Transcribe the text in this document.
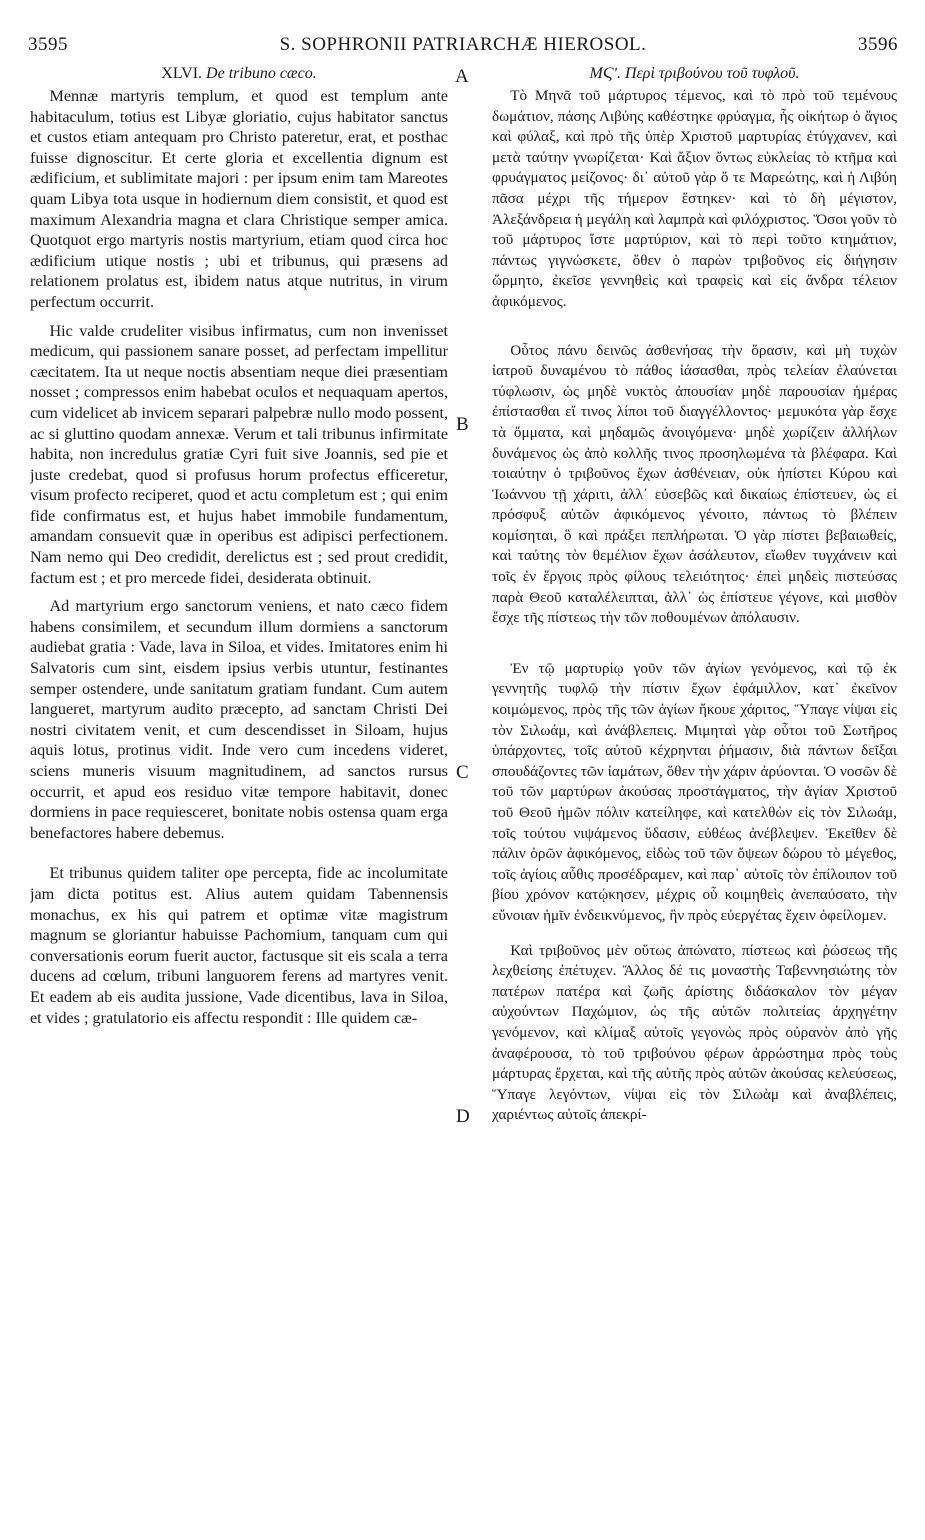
3595	S. SOPHRONII PATRIARCHÆ HIEROSOL.	3596
A
B
C
D
XLVI. De tribuno cæco.

Mennæ martyris templum, et quod est templum ante habitaculum, totius est Libyæ gloriatio, cujus habitator sanctus et custos etiam antequam pro Christo pateretur, erat, et posthac fuisse dignoscitur. Et certe gloria et excellentia dignum est ædificium, et sublimitate majori : per ipsum enim tam Mareotes quam Libya tota usque in hodiernum diem consistit, et quod est maximum Alexandria magna et clara Christique semper amica. Quotquot ergo martyris nostis martyrium, etiam quod circa hoc ædificium utique nostis ; ubi et tribunus, qui præsens ad relationem prolatus est, ibidem natus atque nutritus, in virum perfectum occurrit.

Hic valde crudeliter visibus infirmatus, cum non invenisset medicum, qui passionem sanare posset, ad perfectam impellitur cæcitatem. Ita ut neque noctis absentiam neque diei præsentiam nosset ; compressos enim habebat oculos et nequaquam apertos, cum videlicet ab invicem separari palpebræ nullo modo possent, ac si gluttino quodam annexæ. Verum et tali tribunus infirmitate habita, non incredulus gratiæ Cyri fuit sive Joannis, sed pie et juste credebat, quod si profusus horum profectus efficeretur, visum profecto reciperet, quod et actu completum est ; qui enim fide confirmatus est, et hujus habet immobile fundamentum, amandam consuevit quæ in operibus est adipisci perfectionem. Nam nemo qui Deo credidit, derelictus est ; sed prout credidit, factum est ; et pro mercede fidei, desiderata obtinuit.

Ad martyrium ergo sanctorum veniens, et nato cæco fidem habens consimilem, et secundum illum dormiens a sanctorum audiebat gratia : Vade, lava in Siloa, et vides. Imitatores enim hi Salvatoris cum sint, eisdem ipsius verbis utuntur, festinantes semper ostendere, unde sanitatum gratiam fundant. Cum autem langueret, martyrum audito præcepto, ad sanctam Christi Dei nostri civitatem venit, et cum descendisset in Siloam, hujus aquis lotus, protinus vidit. Inde vero cum incedens videret, sciens muneris visuum magnitudinem, ad sanctos rursus occurrit, et apud eos residuo vitæ tempore habitavit, donec dormiens in pace requiesceret, bonitate nobis ostensa quam erga benefactores habere debemus.

Et tribunus quidem taliter ope percepta, fide ac incolumitate jam dicta potitus est. Alius autem quidam Tabennensis monachus, ex his qui patrem et optimæ vitæ magistrum magnum se gloriantur habuisse Pachomium, tanquam cum qui conversationis eorum fuerit auctor, factusque sit eis scala a terra ducens ad cœlum, tribuni languorem ferens ad martyres venit. Et eadem ab eis audita jussione, Vade dicentibus, lava in Siloa, et vides ; gratulatorio eis affectu respondit : Ille quidem cæ-

ΜϚʹ. Περὶ τριβούνου τοῦ τυφλοῦ.

Τὸ Μηνᾶ τοῦ μάρτυρος τέμενος, καὶ τὸ πρὸ τοῦ τεμένους δωμάτιον, πάσης Λιβύης καθέστηκε φρύαγμα, ἧς οἰκήτωρ ὁ ἅγιος καὶ φύλαξ, καὶ πρὸ τῆς ὑπὲρ Χριστοῦ μαρτυρίας ἐτύγχανεν, καὶ μετὰ ταύτην γνωρίζεται· Καὶ ἄξιον ὄντως εὐκλείας τὸ κτῆμα καὶ φρυάγματος μείζονος· δι᾽ αὐτοῦ γὰρ ὅ τε Μαρεώτης, καὶ ἡ Λιβύη πᾶσα μέχρι τῆς τήμερον ἕστηκεν· καὶ τὸ δὴ μέγιστον, Ἀλεξάνδρεια ἡ μεγάλη καὶ λαμπρὰ καὶ φιλόχριστος. Ὅσοι γοῦν τὸ τοῦ μάρτυρος ἴστε μαρτύριον, καὶ τὸ περὶ τοῦτο κτημάτιον, πάντως γιγνώσκετε, ὅθεν ὁ παρὼν τριβοῦνος εἰς διήγησιν ὥρμητο, ἐκεῖσε γεννηθεὶς καὶ τραφεὶς καὶ εἰς ἄνδρα τέλειον ἀφικόμενος.

Οὗτος πάνυ δεινῶς ἀσθενήσας τὴν ὅρασιν, καὶ μὴ τυχὼν ἰατροῦ δυναμένου τὸ πάθος ἰάσασθαι, πρὸς τελείαν ἐλαύνεται τύφλωσιν, ὡς μηδὲ νυκτὸς ἀπουσίαν μηδὲ παρουσίαν ἡμέρας ἐπίστασθαι εἴ τινος λίποι τοῦ διαγγέλλοντος· μεμυκότα γὰρ ἔσχε τὰ ὄμματα, καὶ μηδαμῶς ἀνοιγόμενα· μηδὲ χωρίζειν ἀλλήλων δυνάμενος ὡς ἀπὸ κολλῆς τινος προσηλωμένα τὰ βλέφαρα. Καὶ τοιαύτην ὁ τριβοῦνος ἔχων ἀσθένειαν, οὐκ ἠπίστει Κύρου καὶ Ἰωάννου τῇ χάριτι, ἀλλ᾽ εὐσεβῶς καὶ δικαίως ἐπίστευεν, ὡς εἰ πρόσφυξ αὐτῶν ἀφικόμενος γένοιτο, πάντως τὸ βλέπειν κομίσηται, ὃ καὶ πράξει πεπλήρωται. Ὁ γὰρ πίστει βεβαιωθείς, καὶ ταύτης τὸν θεμέλιον ἔχων ἀσάλευτον, εἴωθεν τυγχάνειν καὶ τοῖς ἐν ἔργοις πρὸς φίλους τελειότητος· ἐπεὶ μηδεὶς πιστεύσας παρὰ Θεοῦ καταλέλειπται, ἀλλ᾽ ὡς ἐπίστευε γέγονε, καὶ μισθὸν ἔσχε τῆς πίστεως τὴν τῶν ποθουμένων ἀπόλαυσιν.

Ἐν τῷ μαρτυρίῳ γοῦν τῶν ἁγίων γενόμενος, καὶ τῷ ἐκ γεννητῆς τυφλῷ τὴν πίστιν ἔχων ἐφάμιλλον, κατ᾽ ἐκεῖνον κοιμώμενος, πρὸς τῆς τῶν ἁγίων ἤκουε χάριτος, Ὕπαγε νίψαι εἰς τὸν Σιλωάμ, καὶ ἀνάβλεπεις. Μιμηταὶ γὰρ οὗτοι τοῦ Σωτῆρος ὑπάρχοντες, τοῖς αὐτοῦ κέχρηνται ῥήμασιν, διὰ πάντων δεῖξαι σπουδάζοντες τῶν ἰαμάτων, ὅθεν τὴν χάριν ἀρύονται. Ὁ νοσῶν δὲ τοῦ τῶν μαρτύρων ἀκούσας προστάγματος, τὴν ἁγίαν Χριστοῦ τοῦ Θεοῦ ἡμῶν πόλιν κατείληφε, καὶ κατελθὼν εἰς τὸν Σιλωάμ, τοῖς τούτου νιψάμενος ὕδασιν, εὐθέως ἀνέβλεψεν. Ἐκεῖθεν δὲ πάλιν ὁρῶν ἀφικόμενος, εἰδὼς τοῦ τῶν ὄψεων δώρου τὸ μέγεθος, τοῖς ἁγίοις αὖθις προσέδραμεν, καὶ παρ᾽ αὐτοῖς τὸν ἐπίλοιπον τοῦ βίου χρόνον κατῴκησεν, μέχρις οὗ κοιμηθεὶς ἀνεπαύσατο, τὴν εὔνοιαν ἡμῖν ἐνδεικνύμενος, ἣν πρὸς εὐεργέτας ἔχειν ὀφείλομεν.

Καὶ τριβοῦνος μὲν οὕτως ἀπώνατο, πίστεως καὶ ῥώσεως τῆς λεχθείσης ἐπέτυχεν. Ἄλλος δέ τις μοναστὴς Ταβεννησιώτης τὸν πατέρων πατέρα καὶ ζωῆς ἀρίστης διδάσκαλον τὸν μέγαν αὐχούντων Παχώμιον, ὡς τῆς αὐτῶν πολιτείας ἀρχηγέτην γενόμενον, καὶ κλίμαξ αὐτοῖς γεγονὼς πρὸς οὐρανὸν ἀπὸ γῆς ἀναφέρουσα, τὸ τοῦ τριβούνου φέρων ἀρρώστημα πρὸς τοὺς μάρτυρας ἔρχεται, καὶ τῆς αὐτῆς πρὸς αὐτῶν ἀκούσας κελεύσεως, Ὕπαγε λεγόντων, νίψαι εἰς τὸν Σιλωὰμ καὶ ἀναβλέπεις, χαριέντως αὐτοῖς ἀπεκρί-
